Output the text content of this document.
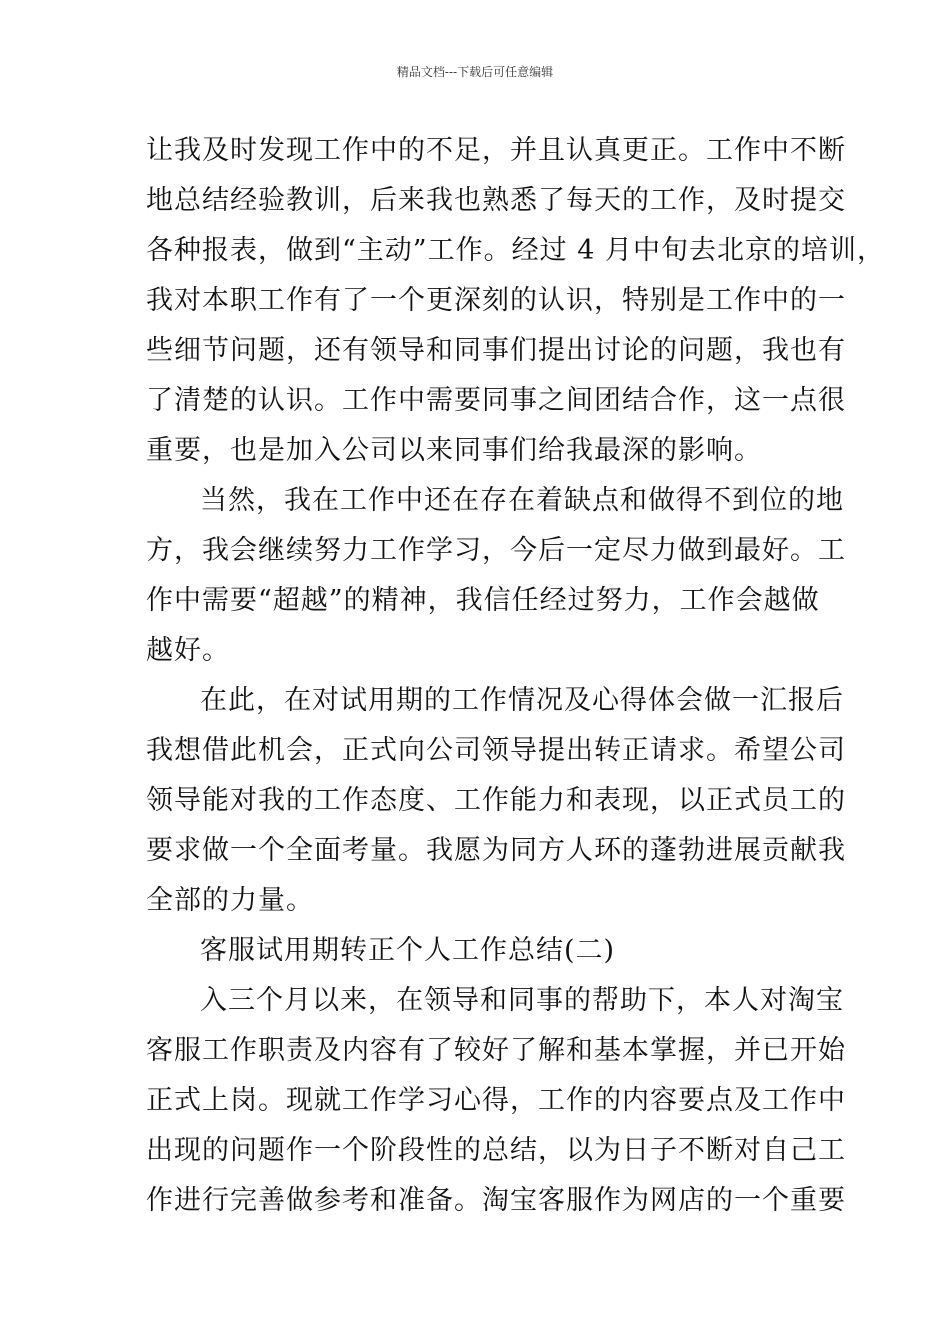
精品文档---下载后可任意编辑
让我及时发现工作中的不足，并且认真更正。工作中不断
地总结经验教训，后来我也熟悉了每天的工作，及时提交
各种报表，做到“主动”工作。经过 4 月中旬去北京的培训，
我对本职工作有了一个更深刻的认识，特别是工作中的一
些细节问题，还有领导和同事们提出讨论的问题，我也有
了清楚的认识。工作中需要同事之间团结合作，这一点很
重要，也是加入公司以来同事们给我最深的影响。
当然，我在工作中还在存在着缺点和做得不到位的地
方，我会继续努力工作学习，今后一定尽力做到最好。工
作中需要“超越”的精神，我信任经过努力，工作会越做
越好。
在此，在对试用期的工作情况及心得体会做一汇报后
我想借此机会，正式向公司领导提出转正请求。希望公司
领导能对我的工作态度、工作能力和表现，以正式员工的
要求做一个全面考量。我愿为同方人环的蓬勃进展贡献我
全部的力量。
客服试用期转正个人工作总结(二)
入三个月以来，在领导和同事的帮助下，本人对淘宝
客服工作职责及内容有了较好了解和基本掌握，并已开始
正式上岗。现就工作学习心得，工作的内容要点及工作中
出现的问题作一个阶段性的总结，以为日子不断对自己工
作进行完善做参考和准备。淘宝客服作为网店的一个重要
